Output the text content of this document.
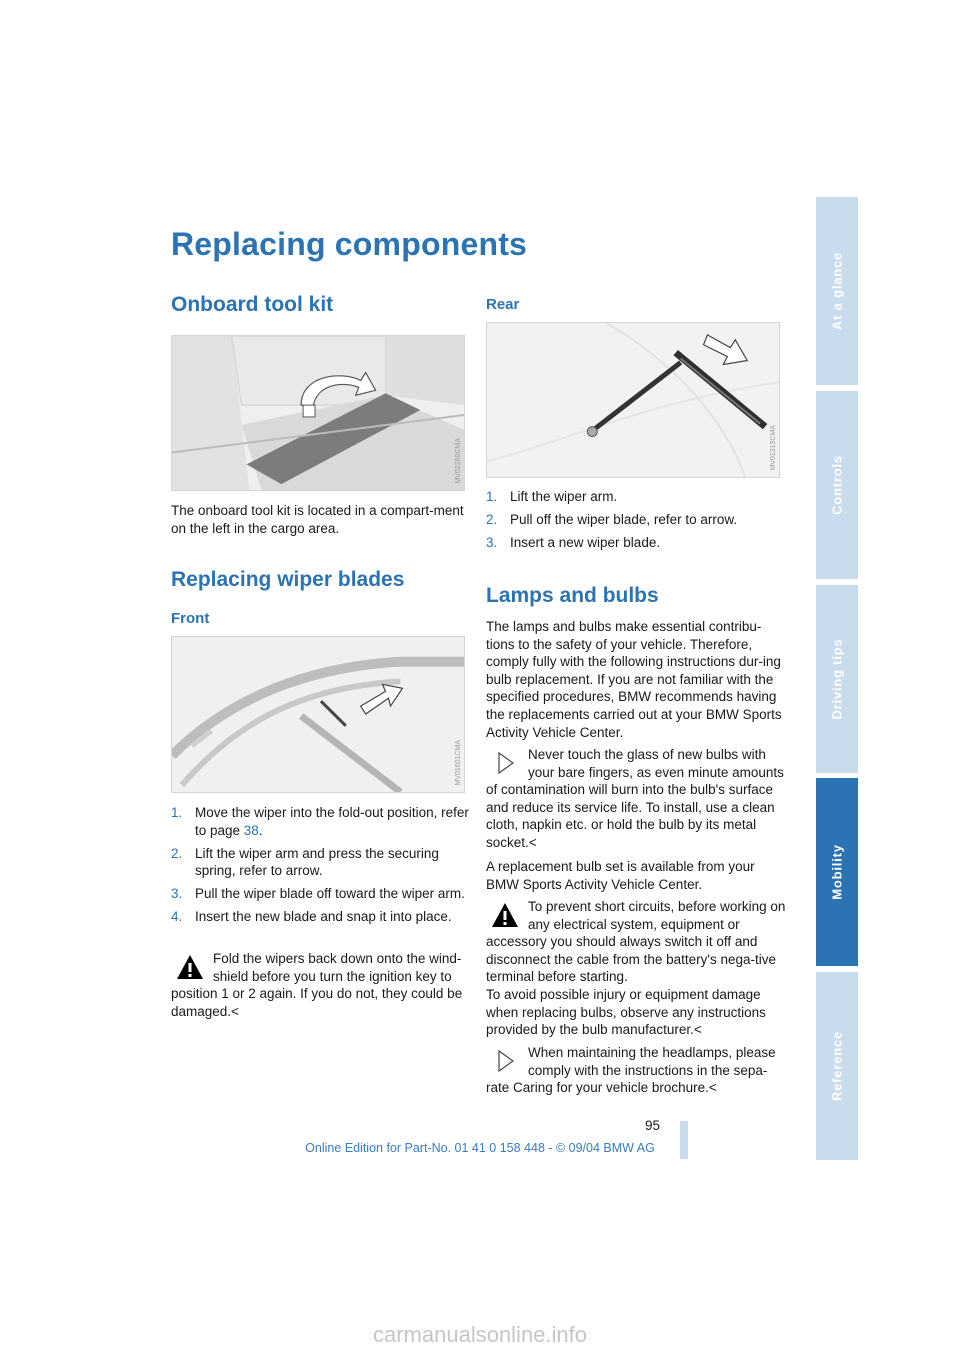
Replacing components
Onboard tool kit
MV02260CMA
The onboard tool kit is located in a compart-ment on the left in the cargo area.
Replacing wiper blades
Front
MV01601CMA
1. Move the wiper into the fold-out position, refer to page 38.
2. Lift the wiper arm and press the securing spring, refer to arrow.
3. Pull the wiper blade off toward the wiper arm.
4. Insert the new blade and snap it into place.
Fold the wipers back down onto the wind-shield before you turn the ignition key to position 1 or 2 again. If you do not, they could be damaged.<
Rear
MV01315CMA
1. Lift the wiper arm.
2. Pull off the wiper blade, refer to arrow.
3. Insert a new wiper blade.
Lamps and bulbs
The lamps and bulbs make essential contribu-tions to the safety of your vehicle. Therefore, comply fully with the following instructions dur-ing bulb replacement. If you are not familiar with the specified procedures, BMW recommends having the replacements carried out at your BMW Sports Activity Vehicle Center.
Never touch the glass of new bulbs with your bare fingers, as even minute amounts of contamination will burn into the bulb's surface and reduce its service life. To install, use a clean cloth, napkin etc. or hold the bulb by its metal socket.<
A replacement bulb set is available from your BMW Sports Activity Vehicle Center.
To prevent short circuits, before working on any electrical system, equipment or accessory you should always switch it off and disconnect the cable from the battery's nega-tive terminal before starting.
To avoid possible injury or equipment damage when replacing bulbs, observe any instructions provided by the bulb manufacturer.<
When maintaining the headlamps, please comply with the instructions in the sepa-rate Caring for your vehicle brochure.<
95
Online Edition for Part-No. 01 41 0 158 448 - © 09/04 BMW AG
carmanualsonline.info
At a glance
Controls
Driving tips
Mobility
Reference
